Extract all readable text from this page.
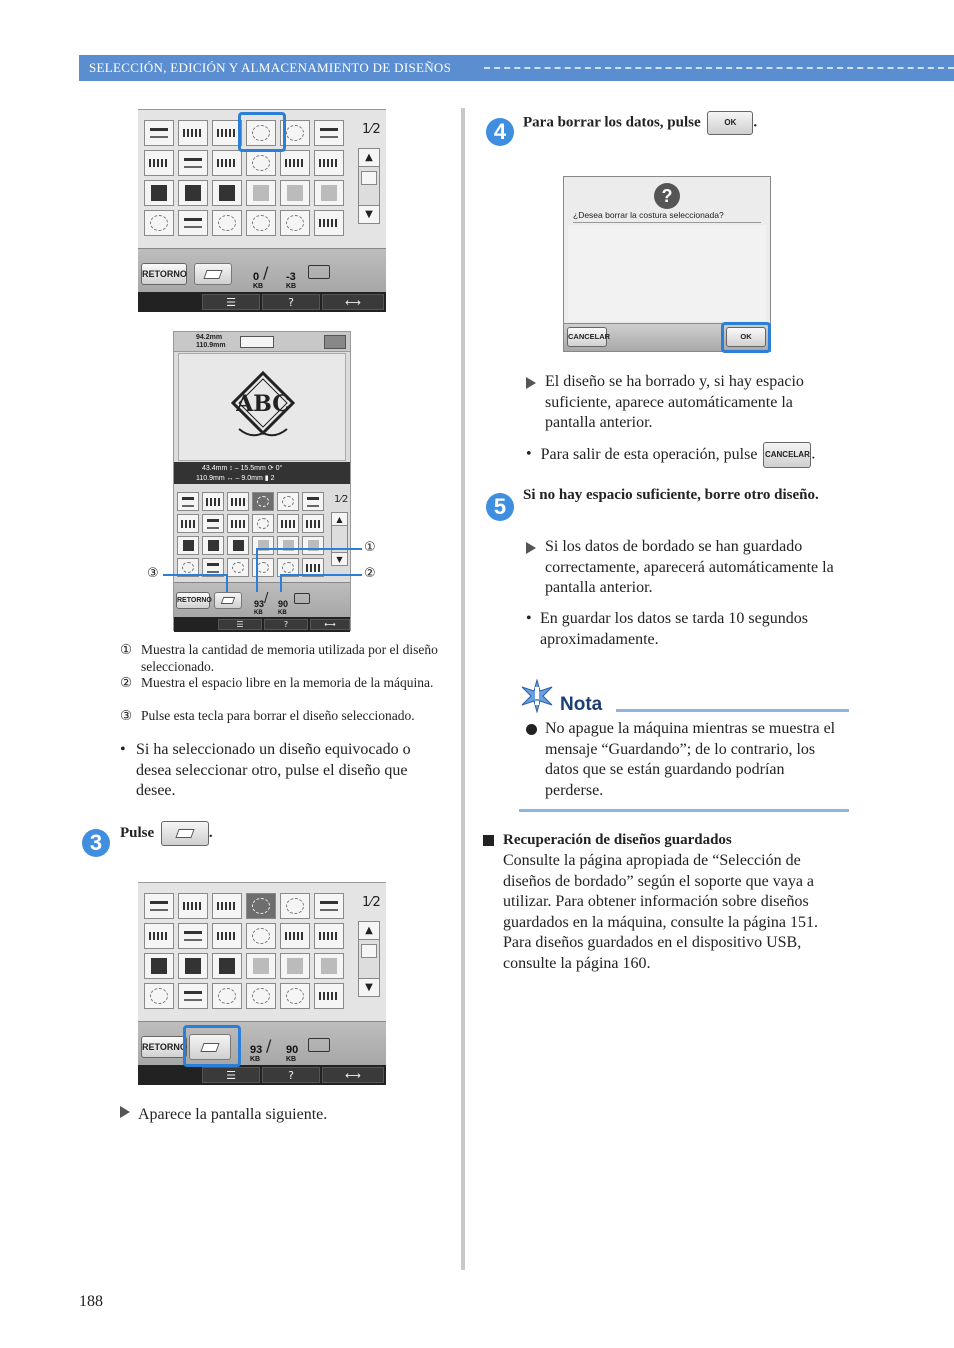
SELECCIÓN, EDICIÓN Y ALMACENAMIENTO DE DISEÑOS
1⁄2
▲
▼
RETORNO	0
KB
/ -3
KB
☰	?	⟷
94.2mm
110.9mm
ABC
43.4mm ↕ – 15.5mm ⟳ 0°
110.9mm ↔ – 9.0mm ▮ 2
1⁄2
▲
▼
RETORNO	93
KB
/ 90
KB
☰	?	⟷
①
②
③
① Muestra la cantidad de memoria utilizada por el diseño seleccionado.
② Muestra el espacio libre en la memoria de la máquina.
③ Pulse esta tecla para borrar el diseño seleccionado.
• Si ha seleccionado un diseño equivocado o desea seleccionar otro, pulse el diseño que desee.
3	Pulse	.
1⁄2
▲
▼
RETORNO	93
KB
/ 90
KB
☰	?	⟷
Aparece la pantalla siguiente.
4	Para borrar los datos, pulse	OK .
?
¿Desea borrar la costura seleccionada?
CANCELAR	OK
El diseño se ha borrado y, si hay espacio suficiente, aparece automáticamente la pantalla anterior.
• Para salir de esta operación, pulse CANCELAR.
5	Si no hay espacio suficiente, borre otro diseño.
Si los datos de bordado se han guardado correctamente, aparecerá automáticamente la pantalla anterior.
• En guardar los datos se tarda 10 segundos aproximadamente.
Nota
No apague la máquina mientras se muestra el mensaje “Guardando”; de lo contrario, los datos que se están guardando podrían perderse.
Recuperación de diseños guardados
Consulte la página apropiada de “Selección de diseños de bordado” según el soporte que vaya a utilizar. Para obtener información sobre diseños guardados en la máquina, consulte la página 151. Para diseños guardados en el dispositivo USB, consulte la página 160.
188
